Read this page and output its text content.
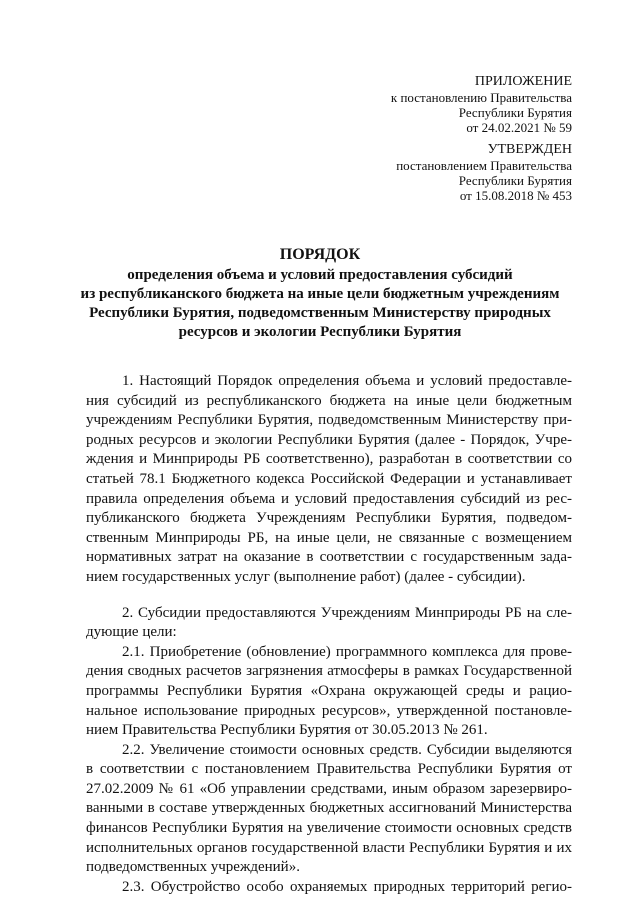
ПРИЛОЖЕНИЕ
к постановлению Правительства
Республики Бурятия
от 24.02.2021 № 59
УТВЕРЖДЕН
постановлением Правительства
Республики Бурятия
от 15.08.2018 № 453
ПОРЯДОК
определения объема и условий предоставления субсидий
из республиканского бюджета на иные цели бюджетным учреждениям
Республики Бурятия, подведомственным Министерству природных
ресурсов и экологии Республики Бурятия
1. Настоящий Порядок определения объема и условий предоставле-
ния субсидий из республиканского бюджета на иные цели бюджетным
учреждениям Республики Бурятия, подведомственным Министерству при-
родных ресурсов и экологии Республики Бурятия (далее - Порядок, Учре-
ждения и Минприроды РБ соответственно), разработан в соответствии со
статьей 78.1 Бюджетного кодекса Российской Федерации и устанавливает
правила определения объема и условий предоставления субсидий из рес-
публиканского бюджета Учреждениям Республики Бурятия, подведом-
ственным Минприроды РБ, на иные цели, не связанные с возмещением
нормативных затрат на оказание в соответствии с государственным зада-
нием государственных услуг (выполнение работ) (далее - субсидии).
2. Субсидии предоставляются Учреждениям Минприроды РБ на сле-
дующие цели:
2.1. Приобретение (обновление) программного комплекса для прове-
дения сводных расчетов загрязнения атмосферы в рамках Государственной
программы Республики Бурятия «Охрана окружающей среды и рацио-
нальное использование природных ресурсов», утвержденной постановле-
нием Правительства Республики Бурятия от 30.05.2013 № 261.
2.2. Увеличение стоимости основных средств. Субсидии выделяются
в соответствии с постановлением Правительства Республики Бурятия от
27.02.2009 № 61 «Об управлении средствами, иным образом зарезервиро-
ванными в составе утвержденных бюджетных ассигнований Министерства
финансов Республики Бурятия на увеличение стоимости основных средств
исполнительных органов государственной власти Республики Бурятия и их
подведомственных учреждений».
2.3. Обустройство особо охраняемых природных территорий регио-
